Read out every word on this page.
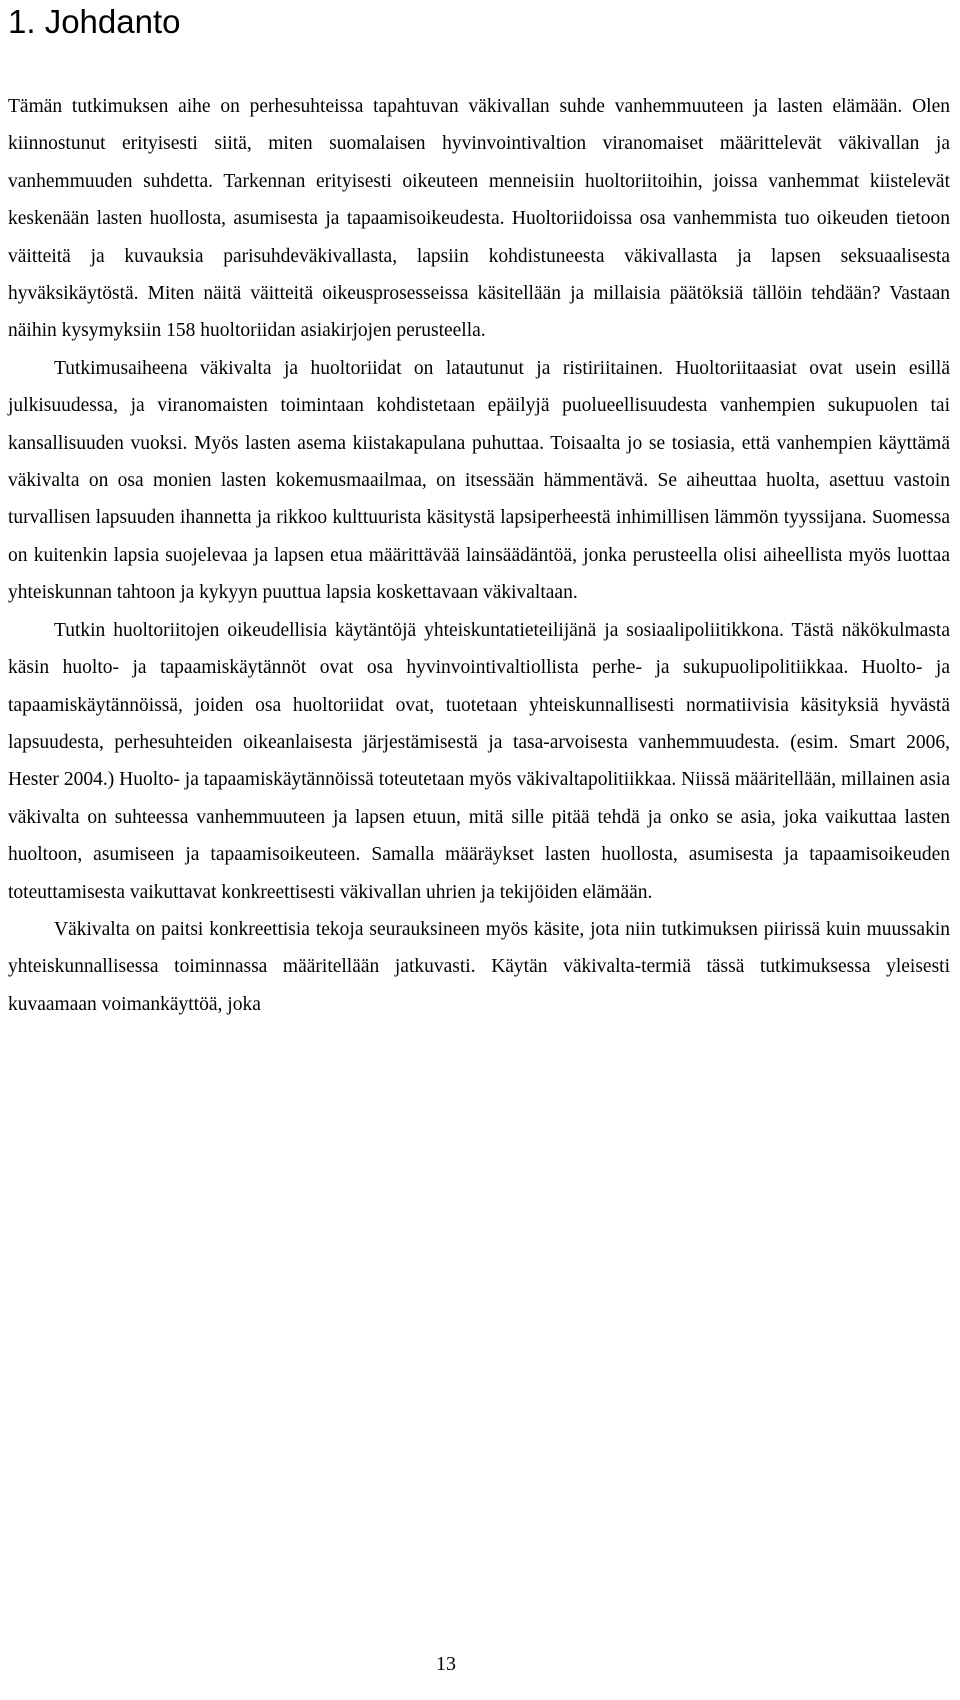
1. Johdanto

Tämän tutkimuksen aihe on perhesuhteissa tapahtuvan väkivallan suhde vanhemmuuteen ja lasten elämään. Olen kiinnostunut erityisesti siitä, miten suomalaisen hyvinvointivaltion viranomaiset määrittelevät väkivallan ja vanhemmuuden suhdetta. Tarkennan erityisesti oikeuteen menneisiin huoltoriitoihin, joissa vanhemmat kiistelevät keskenään lasten huollosta, asumisesta ja tapaamisoikeudesta. Huoltoriidoissa osa vanhemmista tuo oikeuden tietoon väitteitä ja kuvauksia parisuhdeväkivallasta, lapsiin kohdistuneesta väkivallasta ja lapsen seksuaalisesta hyväksikäytöstä. Miten näitä väitteitä oikeusprosesseissa käsitellään ja millaisia päätöksiä tällöin tehdään? Vastaan näihin kysymyksiin 158 huoltoriidan asiakirjojen perusteella.

Tutkimusaiheena väkivalta ja huoltoriidat on latautunut ja ristiriitainen. Huoltoriitaasiat ovat usein esillä julkisuudessa, ja viranomaisten toimintaan kohdistetaan epäilyjä puolueellisuudesta vanhempien sukupuolen tai kansallisuuden vuoksi. Myös lasten asema kiistakapulana puhuttaa. Toisaalta jo se tosiasia, että vanhempien käyttämä väkivalta on osa monien lasten kokemusmaailmaa, on itsessään hämmentävä. Se aiheuttaa huolta, asettuu vastoin turvallisen lapsuuden ihannetta ja rikkoo kulttuurista käsitystä lapsiperheestä inhimillisen lämmön tyyssijana. Suomessa on kuitenkin lapsia suojelevaa ja lapsen etua määrittävää lainsäädäntöä, jonka perusteella olisi aiheellista myös luottaa yhteiskunnan tahtoon ja kykyyn puuttua lapsia koskettavaan väkivaltaan.

Tutkin huoltoriitojen oikeudellisia käytäntöjä yhteiskuntatieteilijänä ja sosiaalipoliitikkona. Tästä näkökulmasta käsin huolto- ja tapaamiskäytännöt ovat osa hyvinvointivaltiollista perhe- ja sukupuolipolitiikkaa. Huolto- ja tapaamiskäytännöissä, joiden osa huoltoriidat ovat, tuotetaan yhteiskunnallisesti normatiivisia käsityksiä hyvästä lapsuudesta, perhesuhteiden oikeanlaisesta järjestämisestä ja tasa-arvoisesta vanhemmuudesta. (esim. Smart 2006, Hester 2004.) Huolto- ja tapaamiskäytännöissä toteutetaan myös väkivaltapolitiikkaa. Niissä määritellään, millainen asia väkivalta on suhteessa vanhemmuuteen ja lapsen etuun, mitä sille pitää tehdä ja onko se asia, joka vaikuttaa lasten huoltoon, asumiseen ja tapaamisoikeuteen. Samalla määräykset lasten huollosta, asumisesta ja tapaamisoikeuden toteuttamisesta vaikuttavat konkreettisesti väkivallan uhrien ja tekijöiden elämään.

Väkivalta on paitsi konkreettisia tekoja seurauksineen myös käsite, jota niin tutkimuksen piirissä kuin muussakin yhteiskunnallisessa toiminnassa määritellään jatkuvasti. Käytän väkivalta-termiä tässä tutkimuksessa yleisesti kuvaamaan voimankäyttöä, joka

13
